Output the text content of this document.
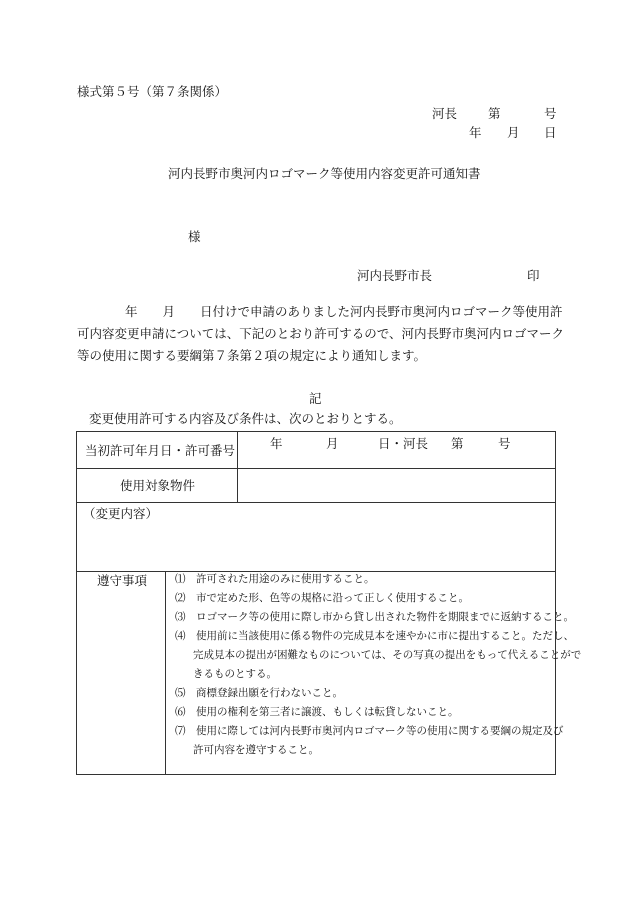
様式第５号（第７条関係）
河長 第	号
年 月 日
河内長野市奥河内ロゴマーク等使用内容変更許可通知書
様
河内長野市長	印
年　　月　　日付けで申請のありました河内長野市奥河内ロゴマーク等使用許
可内容変更申請については、下記のとおり許可するので、河内長野市奥河内ロゴマーク
等の使用に関する要綱第７条第２項の規定により通知します。
記
変更使用許可する内容及び条件は、次のとおりとする。
当初許可年月日・許可番号	年	月	日・河長 第	号
使用対象物件
（変更内容）
遵守事項	⑴　許可された用途のみに使用すること。
⑵　市で定めた形、色等の規格に沿って正しく使用すること。
⑶　ロゴマーク等の使用に際し市から貸し出された物件を期限までに返納すること。
⑷　使用前に当該使用に係る物件の完成見本を速やかに市に提出すること。ただし、
完成見本の提出が困難なものについては、その写真の提出をもって代えることがで
きるものとする。
⑸　商標登録出願を行わないこと。
⑹　使用の権利を第三者に譲渡、もしくは転貸しないこと。
⑺　使用に際しては河内長野市奥河内ロゴマーク等の使用に関する要綱の規定及び
許可内容を遵守すること。
